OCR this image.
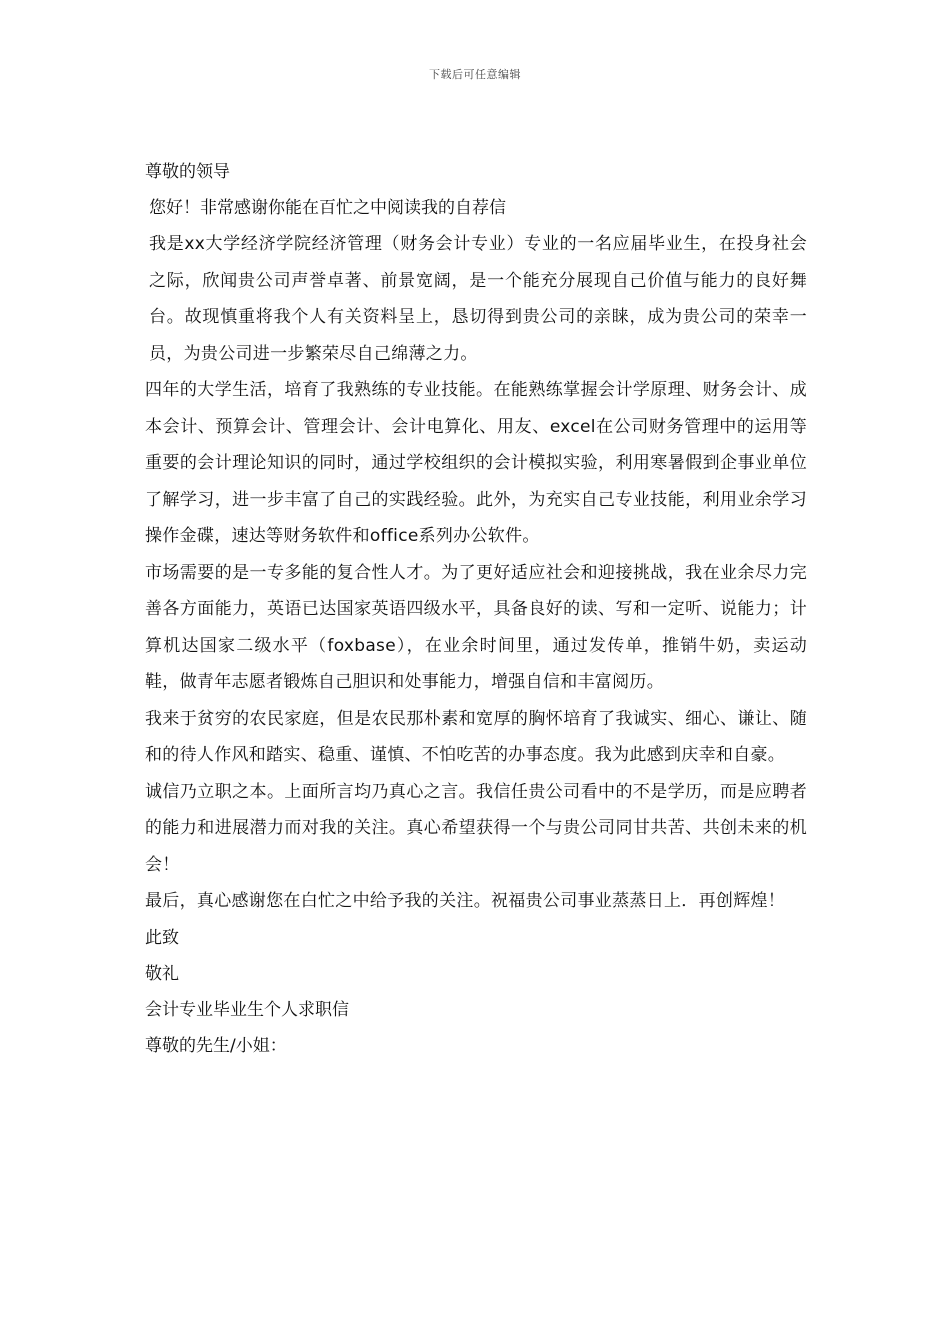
下载后可任意编辑
尊敬的领导
您好！非常感谢你能在百忙之中阅读我的自荐信

我是xx大学经济学院经济管理（财务会计专业）专业的一名应届毕业生，在投身社会之际，欣闻贵公司声誉卓著、前景宽阔，是一个能充分展现自己价值与能力的良好舞台。故现慎重将我个人有关资料呈上，恳切得到贵公司的亲睐，成为贵公司的荣幸一员，为贵公司进一步繁荣尽自己绵薄之力。

四年的大学生活，培育了我熟练的专业技能。在能熟练掌握会计学原理、财务会计、成本会计、预算会计、管理会计、会计电算化、用友、excel在公司财务管理中的运用等重要的会计理论知识的同时，通过学校组织的会计模拟实验，利用寒暑假到企事业单位了解学习，进一步丰富了自己的实践经验。此外，为充实自己专业技能，利用业余学习操作金碟，速达等财务软件和office系列办公软件。

市场需要的是一专多能的复合性人才。为了更好适应社会和迎接挑战，我在业余尽力完善各方面能力，英语已达国家英语四级水平，具备良好的读、写和一定听、说能力；计算机达国家二级水平（foxbase），在业余时间里，通过发传单，推销牛奶，卖运动鞋，做青年志愿者锻炼自己胆识和处事能力，增强自信和丰富阅历。

我来于贫穷的农民家庭，但是农民那朴素和宽厚的胸怀培育了我诚实、细心、谦让、随和的待人作风和踏实、稳重、谨慎、不怕吃苦的办事态度。我为此感到庆幸和自豪。

诚信乃立职之本。上面所言均乃真心之言。我信任贵公司看中的不是学历，而是应聘者的能力和进展潜力而对我的关注。真心希望获得一个与贵公司同甘共苦、共创未来的机会！

最后，真心感谢您在白忙之中给予我的关注。祝福贵公司事业蒸蒸日上．再创辉煌！

此致
敬礼
会计专业毕业生个人求职信
尊敬的先生/小姐：
